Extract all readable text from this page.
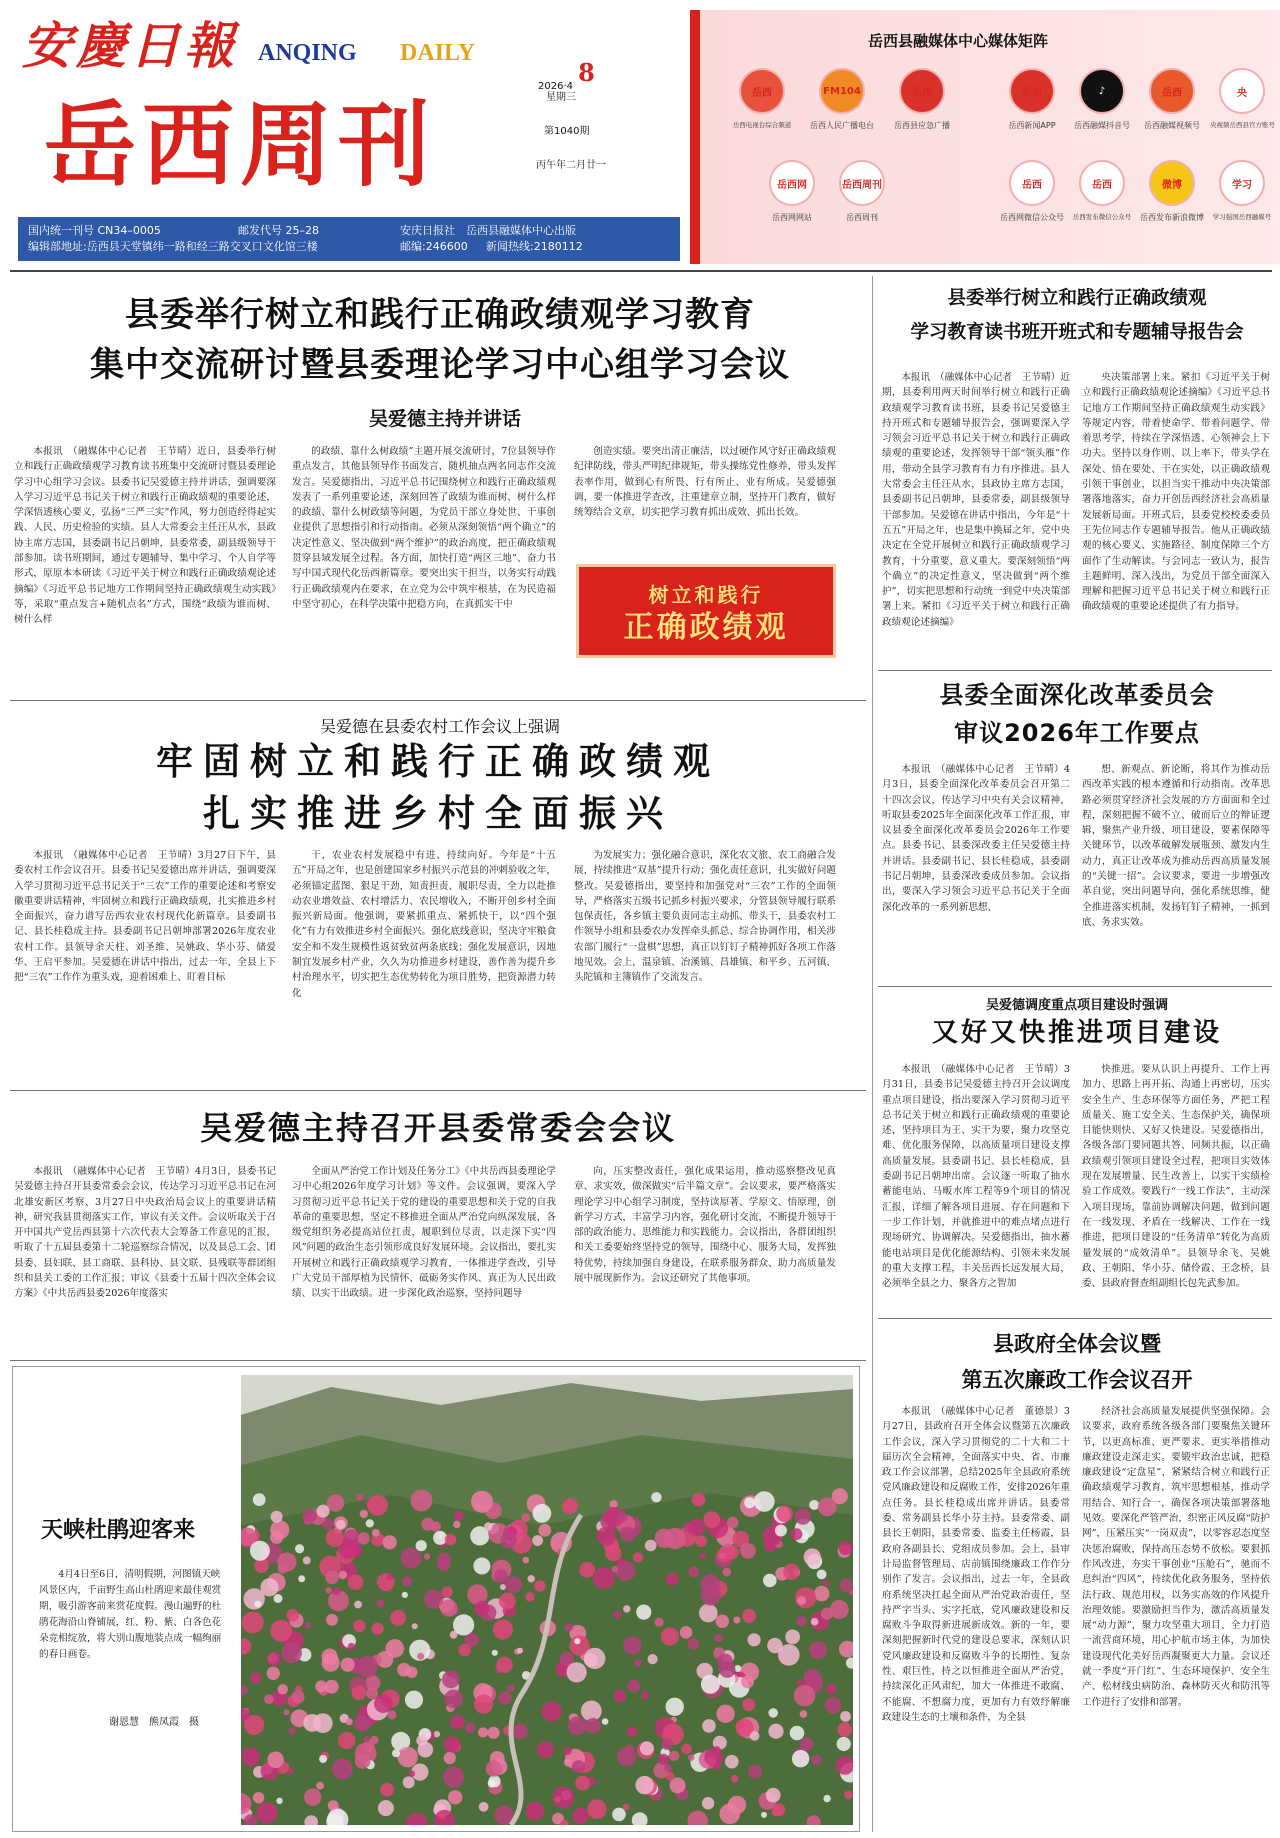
安慶日報 ANQING DAILY
岳西周刊
2026·4 8
星期三
第1040期
丙午年二月廿一
国内统一刊号 CN34–0005	邮发代号 25–28	安庆日报社　岳西县融媒体中心出版
编辑部地址:岳西县天堂镇纬一路和经三路交叉口文化馆三楼	邮编:246600 新闻热线:2180112
岳西县融媒体中心媒体矩阵
岳西
岳西电视台综合频道
FM104
岳西人民广播电台
岳西
岳西县应急广播
岳西
岳西新闻APP
♪
岳西融媒抖音号
岳西
岳西融媒视频号
央
央视频岳西县官方账号
岳西网
岳西网网站
岳西周刊
岳西周刊
岳西
岳西网微信公众号
岳西
岳西发布微信公众号
微博
岳西发布新浪微博
学习
学习强国岳西融媒号
县委举行树立和践行正确政绩观学习教育
集中交流研讨暨县委理论学习中心组学习会议
吴爱德主持并讲话

本报讯　（融媒体中心记者　王节晴）近日，县委举行树立和践行正确政绩观学习教育读书班集中交流研讨暨县委理论学习中心组学习会议。县委书记吴爱德主持并讲话，强调要深入学习习近平总书记关于树立和践行正确政绩观的重要论述，学深悟透核心要义，弘扬“三严三实”作风，努力创造经得起实践、人民、历史检验的实绩。县人大常委会主任汪从水，县政协主席方志国，县委副书记吕朝坤，县委常委，副县级领导干部参加。读书班期间，通过专题辅导、集中学习、个人自学等形式，原原本本研读《习近平关于树立和践行正确政绩观论述摘编》《习近平总书记地方工作期间坚持正确政绩观生动实践》等，采取“重点发言+随机点名”方式，围绕“政绩为谁而树、树什么样

的政绩、靠什么树政绩”主题开展交流研讨，7位县领导作重点发言，其他县领导作书面发言，随机抽点两名同志作交流发言。吴爱德指出，习近平总书记围绕树立和践行正确政绩观发表了一系列重要论述，深刻回答了政绩为谁而树、树什么样的政绩、靠什么树政绩等问题，为党员干部立身处世、干事创业提供了思想指引和行动指南。必须从深刻领悟“两个确立”的决定性意义、坚决做到“两个维护”的政治高度，把正确政绩观贯穿县域发展全过程。各方面，加快打造“两区三地”、奋力书写中国式现代化岳西新篇章。要突出实干担当，以务实行动践行正确政绩观内在要求，在立党为公中筑牢根基，在为民造福中坚守初心，在科学决策中把稳方向，在真抓实干中

创造实绩。要突出清正廉洁，以过硬作风守好正确政绩观纪律防线，带头严明纪律规矩，带头操练党性修养，带头发挥表率作用，做到心有所畏、行有所止、业有所成。吴爱德强调，要一体推进学查改，注重建章立制，坚持开门教育，做好统筹结合文章，切实把学习教育抓出成效、抓出长效。

树立和践行
正确政绩观
吴爱德在县委农村工作会议上强调
牢固树立和践行正确政绩观
扎实推进乡村全面振兴

本报讯　（融媒体中心记者　王节晴）3月27日下午，县委农村工作会议召开。县委书记吴爱德出席并讲话，强调要深入学习贯彻习近平总书记关于“三农”工作的重要论述和考察安徽重要讲话精神，牢固树立和践行正确政绩观，扎实推进乡村全面振兴，奋力谱写岳西农业农村现代化新篇章。县委副书记、县长桂稳成主持。县委副书记吕朝坤部署2026年度农业农村工作。县领导余天柱、刘圣维、吴姚政、华小芬、储爱华、王启平参加。吴爱德在讲话中指出，过去一年，全县上下把“三农”工作作为重头戏，迎着困难上、盯着目标

干，农业农村发展稳中有进、持续向好。今年是“十五五”开局之年，也是创建国家乡村振兴示范县的冲刺验收之年，必须锚定蓝图、狠足干劲，知责担责、履职尽责，全力以赴推动农业增效益、农村增活力、农民增收入，不断开创乡村全面振兴新局面。他强调，要紧抓重点、紧抓快干，以“四个强化”有力有效推进乡村全面振兴。强化底线意识，坚决守牢粮食安全和不发生规模性返贫致贫两条底线；强化发展意识，因地制宜发展乡村产业，久久为功推进乡村建设，善作善为提升乡村治理水平，切实把生态优势转化为项目胜势，把资源潜力转化

为发展实力；强化融合意识，深化农文旅、农工商融合发展，持续推进“双基”提升行动；强化责任意识，扎实做好问题整改。吴爱德指出，要坚持和加强党对“三农”工作的全面领导，严格落实五级书记抓乡村振兴要求，分管县领导履行联系包保责任，各乡镇主要负责同志主动抓、带头干，县委农村工作领导小组和县委农办发挥牵头抓总、综合协调作用，相关涉农部门履行“一盘棋”思想，真正以钉钉子精神抓好各项工作落地见效。会上，温泉镇、冶溪镇、昌雄镇、和平乡、五河镇、头陀镇和主簿镇作了交流发言。

吴爱德主持召开县委常委会会议

本报讯　（融媒体中心记者　王节晴）4月3日，县委书记吴爱德主持召开县委常委会会议，传达学习习近平总书记在河北雄安新区考察、3月27日中央政治局会议上的重要讲话精神，研究我县贯彻落实工作，审议有关文件。会议听取关于召开中国共产党岳西县第十六次代表大会筹备工作意见的汇报，听取了十五届县委第十二轮巡察综合情况，以及县总工会、团县委、县妇联、县工商联、县科协、县文联、县残联等群团组织和县关工委的工作汇报；审议《县委十五届十四次全体会议方案》《中共岳西县委2026年度落实

全面从严治党工作计划及任务分工》《中共岳西县委理论学习中心组2026年度学习计划》等文件。会议强调，要深入学习贯彻习近平总书记关于党的建设的重要思想和关于党的自我革命的重要思想，坚定不移推进全面从严治党向纵深发展，各级党组织务必提高站位扛责，履职到位尽责，以走深下实“四风”问题的政治生态引领形成良好发展环境。会议指出，要扎实开展树立和践行正确政绩观学习教育，一体推进学查改，引导广大党员干部厚植为民情怀、砥砺务实作风、真正为人民出政绩、以实干出政绩。进一步深化政治巡察，坚持问题导

向，压实整改责任，强化成果运用，推动巡察整改见真章、求实效，做深做实“后半篇文章”。会议要求，要严格落实理论学习中心组学习制度，坚持读原著、学原文、悟原理，创新学习方式，丰富学习内容，强化研讨交流，不断提升领导干部的政治能力、思维能力和实践能力。会议指出，各群团组织和关工委要始终坚持党的领导，围绕中心、服务大局，发挥独特优势，持续加强自身建设，在联系服务群众、助力高质量发展中展现新作为。会议还研究了其他事项。

天峡杜鹃迎客来
4月4日至6日，清明假期，河图镇天峡风景区内，千亩野生高山杜鹃迎来最佳观赏期，吸引游客前来赏花度假。漫山遍野的杜鹃花海沿山脊铺展，红、粉、紫、白各色花朵竞相绽放，将大别山腹地装点成一幅绚丽的春日画卷。
谢恩慧　熊凤霞　摄
县委举行树立和践行正确政绩观
学习教育读书班开班式和专题辅导报告会

本报讯　（融媒体中心记者　王节晴）近期，县委利用两天时间举行树立和践行正确政绩观学习教育读书班，县委书记吴爱德主持开班式和专题辅导报告会，强调要深入学习领会习近平总书记关于树立和践行正确政绩观的重要论述，发挥领导干部“领头雁”作用，带动全县学习教育有力有序推进。县人大常委会主任汪从水，县政协主席方志国，县委副书记吕朝坤，县委常委，副县级领导干部参加。吴爱德在讲话中指出，今年是“十五五”开局之年，也是集中换届之年，党中央决定在全党开展树立和践行正确政绩观学习教育，十分重要、意义重大。要深刻领悟“两个确立”的决定性意义，坚决做到“两个维护”，切实把思想和行动统一到党中央决策部署上来。紧扣《习近平关于树立和践行正确政绩观论述摘编》

央决策部署上来。紧扣《习近平关于树立和践行正确政绩观论述摘编》《习近平总书记地方工作期间坚持正确政绩观生动实践》等规定内容，带着使命学、带着问题学、带着思考学，持续在学深悟透、心领神会上下功夫。坚持以身作则、以上率下，带头学在深处、悟在要处、干在实处，以正确政绩观引领干事创业，以担当实干推动中央决策部署落地落实，奋力开创岳西经济社会高质量发展新局面。开班式后，县委党校校委委员王先位同志作专题辅导报告。他从正确政绩观的核心要义、实施路径、制度保障三个方面作了生动解读。与会同志一致认为，报告主题鲜明、深入浅出，为党员干部全面深入理解和把握习近平总书记关于树立和践行正确政绩观的重要论述提供了有力指导。

县委全面深化改革委员会
审议2026年工作要点

本报讯　（融媒体中心记者　王节晴）4月3日，县委全面深化改革委员会召开第二十四次会议，传达学习中央有关会议精神，听取县委2025年全面深化改革工作汇报，审议县委全面深化改革委员会2026年工作要点。县委书记、县委深改委主任吴爱德主持并讲话。县委副书记、县长桂稳成，县委副书记吕朝坤，县委深改委成员参加。会议指出，要深入学习领会习近平总书记关于全面深化改革的一系列新思想、

想、新观点、新论断，将其作为推动岳西改革实践的根本遵循和行动指南。改革思路必须贯穿经济社会发展的方方面面和全过程，深刻把握不破不立、破而后立的辩证逻辑，聚焦产业升级、项目建设，要素保障等关键环节，以改革破解发展瓶颈、激发内生动力，真正让改革成为推动岳西高质量发展的“关键一招”。会议要求，要进一步增强改革自觉，突出问题导向，强化系统思维，健全推进落实机制，发扬钉钉子精神，一抓到底、务求实效。

吴爱德调度重点项目建设时强调
又好又快推进项目建设

本报讯　（融媒体中心记者　王节晴）3月31日，县委书记吴爱德主持召开会议调度重点项目建设，指出要深入学习贯彻习近平总书记关于树立和践行正确政绩观的重要论述，坚持项目为王、实干为要，聚力攻坚克难、优化服务保障，以高质量项目建设支撑高质量发展。县委副书记、县长桂稳成，县委副书记吕朝坤出席。会议逐一听取了抽水蓄能电站、马畈水库工程等9个项目的情况汇报，详细了解各项目进展、存在问题和下一步工作计划，并就推进中的难点堵点进行现场研究、协调解决。吴爱德指出，抽水蓄能电站项目是优化能源结构、引领未来发展的重大支撑工程，丰关岳西长远发展大局，必须举全县之力、聚各方之智加

快推进。要从认识上再提升、工作上再加力、思路上再开拓、沟通上再密切，压实安全生产、生态环保等方面任务，严把工程质量关、施工安全关、生态保护关，确保项目能快则快、又好又快建设。吴爱德指出，各级各部门要同题共答、同频共振，以正确政绩观引领项目建设全过程，把项目实效体现在发展增量、民生改善上，以实干实绩检验工作成效。要践行“一线工作法”，主动深入项目现场，靠前协调解决问题，做到问题在一线发现、矛盾在一线解决、工作在一线推进，把项目建设的“任务清单”转化为高质量发展的“成效清单”。县领导余飞、吴姚政、王朝阳、华小芬、储伶霞、王念桥，县委、县政府督查组副组长包先武参加。

县政府全体会议暨
第五次廉政工作会议召开

本报讯　（融媒体中心记者　董德景）3月27日，县政府召开全体会议暨第五次廉政工作会议，深入学习贯彻党的二十大和二十届历次全会精神，全面落实中央、省、市廉政工作会议部署，总结2025年全县政府系统党风廉政建设和反腐败工作，安排2026年重点任务。县长桂稳成出席并讲话。县委常委、常务副县长华小芬主持。县委常委、副县长王朝阳，县委常委、监委主任杨霞，县政府各副县长、党组成员参加。会上，县审计局监督管理局、店前镇围绕廉政工作作分别作了发言。会议指出，过去一年，全县政府系统坚决扛起全面从严治党政治责任，坚持严字当头、实字托底，党风廉政建设和反腐败斗争取得新进展新成效。新的一年，要深刻把握新时代党的建设总要求，深刻认识党风廉政建设和反腐败斗争的长期性、复杂性、艰巨性，持之以恒推进全面从严治党，持续深化正风肃纪，加大一体推进不敢腐、不能腐、不想腐力度，更加有力有效纾解廉政建设生态的土壤和条件，为全县

经济社会高质量发展提供坚强保障。会议要求，政府系统各级各部门要聚焦关键环节，以更高标准、更严要求、更实举措推动廉政建设走深走实。要锻牢政治忠诚，把稳廉政建设“定盘星”，紧紧结合树立和践行正确政绩观学习教育，筑牢思想根基，推动学用结合、知行合一，确保各项决策部署落地见效。要深化严管严治，织密正风反腐“防护网”，压紧压实“一岗双责”，以零容忍态度坚决惩治腐败，保持高压态势不放松。要狠抓作风改进，夯实干事创业“压舱石”，驰而不息纠治“四风”，持续优化政务服务，坚持依法行政、规范用权，以务实高效的作风提升治理效能。要激励担当作为，激活高质量发展“动力源”，聚力攻坚重大项目、全力打造一流营商环境，用心护航市场主体，为加快建设现代化美好岳西凝聚更大力量。会议还就一季度“开门红”、生态环境保护、安全生产、松材线虫病防治、森林防灭火和防汛等工作进行了安排和部署。
